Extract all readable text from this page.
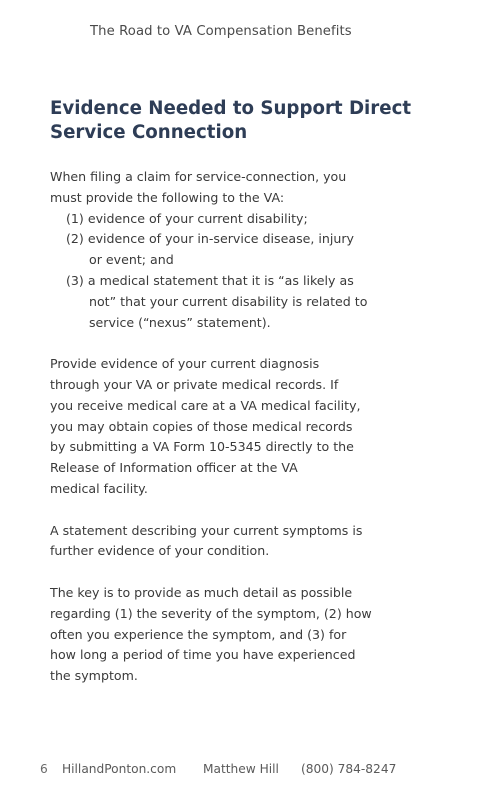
The Road to VA Compensation Benefits
Evidence Needed to Support Direct
Service Connection
When filing a claim for service-connection, you
must provide the following to the VA:
(1) evidence of your current disability;
(2) evidence of your in-service disease, injury
or event; and
(3) a medical statement that it is “as likely as
not” that your current disability is related to
service (“nexus” statement).
Provide evidence of your current diagnosis
through your VA or private medical records. If
you receive medical care at a VA medical facility,
you may obtain copies of those medical records
by submitting a VA Form 10-5345 directly to the
Release of Information officer at the VA
medical facility.
A statement describing your current symptoms is
further evidence of your condition.
The key is to provide as much detail as possible
regarding (1) the severity of the symptom, (2) how
often you experience the symptom, and (3) for
how long a period of time you have experienced
the symptom.
6 HillandPonton.com Matthew Hill (800) 784-8247
